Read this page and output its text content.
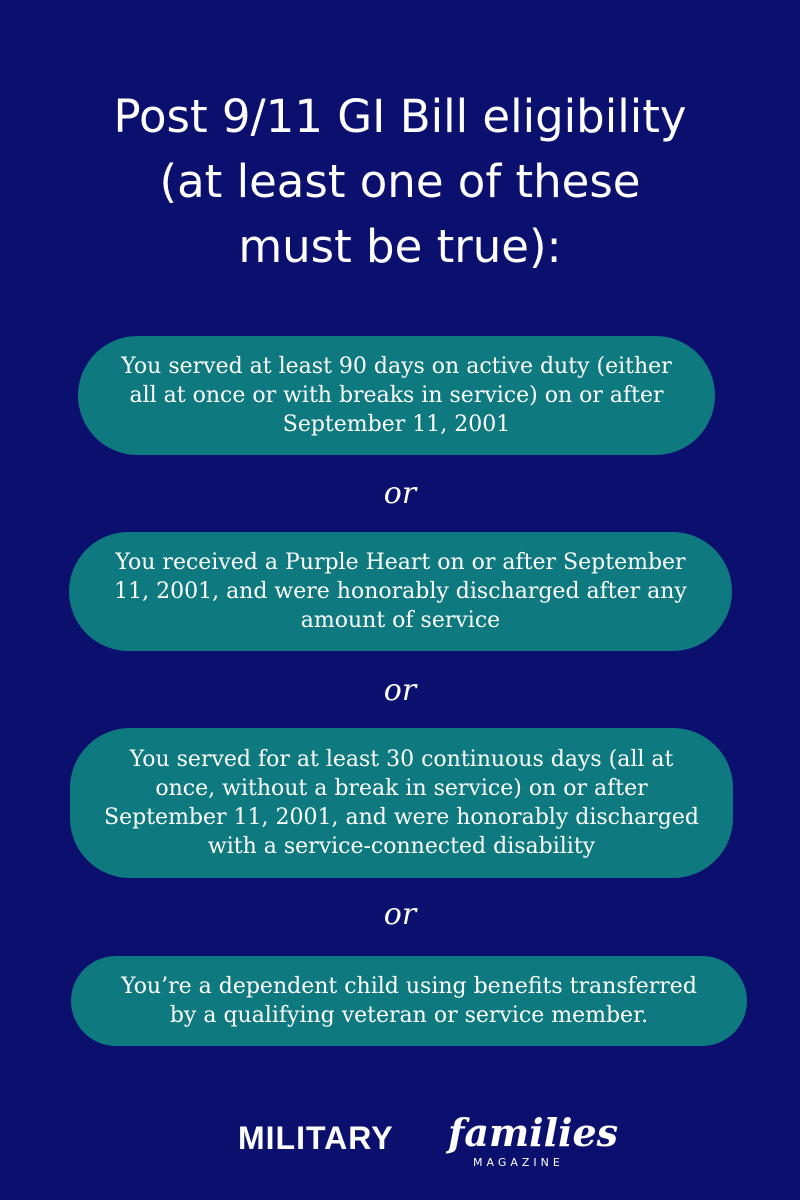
Post 9/11 GI Bill eligibility
(at least one of these
must be true):
You served at least 90 days on active duty (either
all at once or with breaks in service) on or after
September 11, 2001
or
You received a Purple Heart on or after September
11, 2001, and were honorably discharged after any
amount of service
or
You served for at least 30 continuous days (all at
once, without a break in service) on or after
September 11, 2001, and were honorably discharged
with a service-connected disability
or
You’re a dependent child using benefits transferred
by a qualifying veteran or service member.
MILITARY families
MAGAZINE
